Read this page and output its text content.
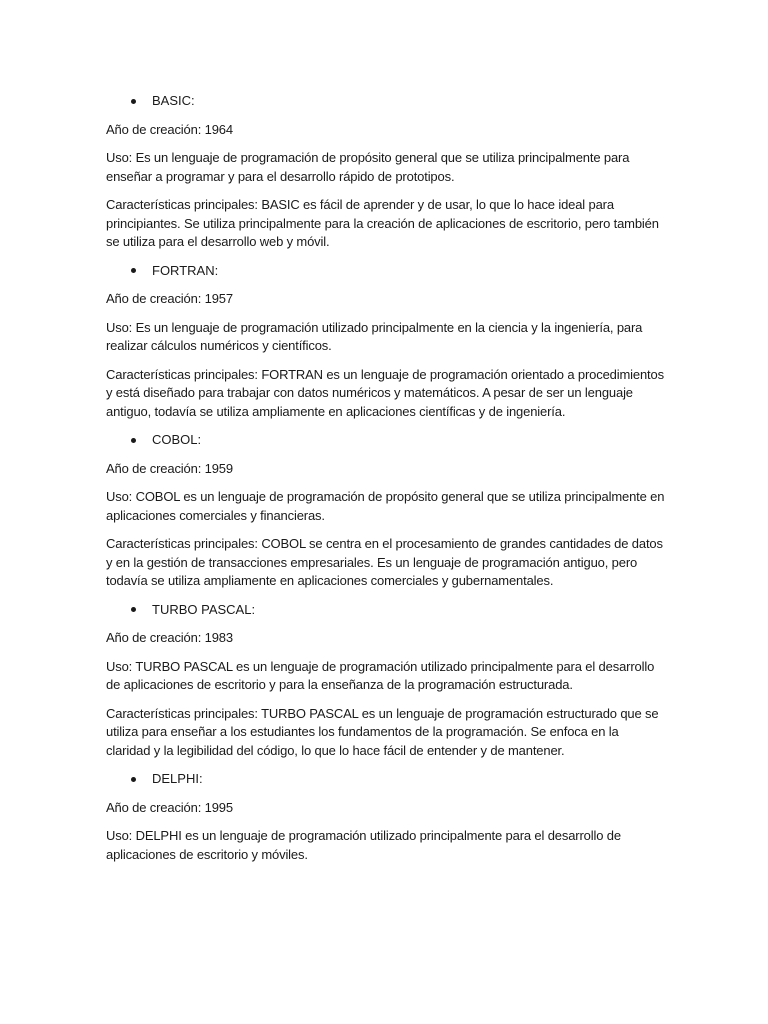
BASIC:

Año de creación: 1964

Uso: Es un lenguaje de programación de propósito general que se utiliza principalmente para enseñar a programar y para el desarrollo rápido de prototipos.

Características principales: BASIC es fácil de aprender y de usar, lo que lo hace ideal para principiantes. Se utiliza principalmente para la creación de aplicaciones de escritorio, pero también se utiliza para el desarrollo web y móvil.

FORTRAN:

Año de creación: 1957

Uso: Es un lenguaje de programación utilizado principalmente en la ciencia y la ingeniería, para realizar cálculos numéricos y científicos.

Características principales: FORTRAN es un lenguaje de programación orientado a procedimientos y está diseñado para trabajar con datos numéricos y matemáticos. A pesar de ser un lenguaje antiguo, todavía se utiliza ampliamente en aplicaciones científicas y de ingeniería.

COBOL:

Año de creación: 1959

Uso: COBOL es un lenguaje de programación de propósito general que se utiliza principalmente en aplicaciones comerciales y financieras.

Características principales: COBOL se centra en el procesamiento de grandes cantidades de datos y en la gestión de transacciones empresariales. Es un lenguaje de programación antiguo, pero todavía se utiliza ampliamente en aplicaciones comerciales y gubernamentales.

TURBO PASCAL:

Año de creación: 1983

Uso: TURBO PASCAL es un lenguaje de programación utilizado principalmente para el desarrollo de aplicaciones de escritorio y para la enseñanza de la programación estructurada.

Características principales: TURBO PASCAL es un lenguaje de programación estructurado que se utiliza para enseñar a los estudiantes los fundamentos de la programación. Se enfoca en la claridad y la legibilidad del código, lo que lo hace fácil de entender y de mantener.

DELPHI:

Año de creación: 1995

Uso: DELPHI es un lenguaje de programación utilizado principalmente para el desarrollo de aplicaciones de escritorio y móviles.
